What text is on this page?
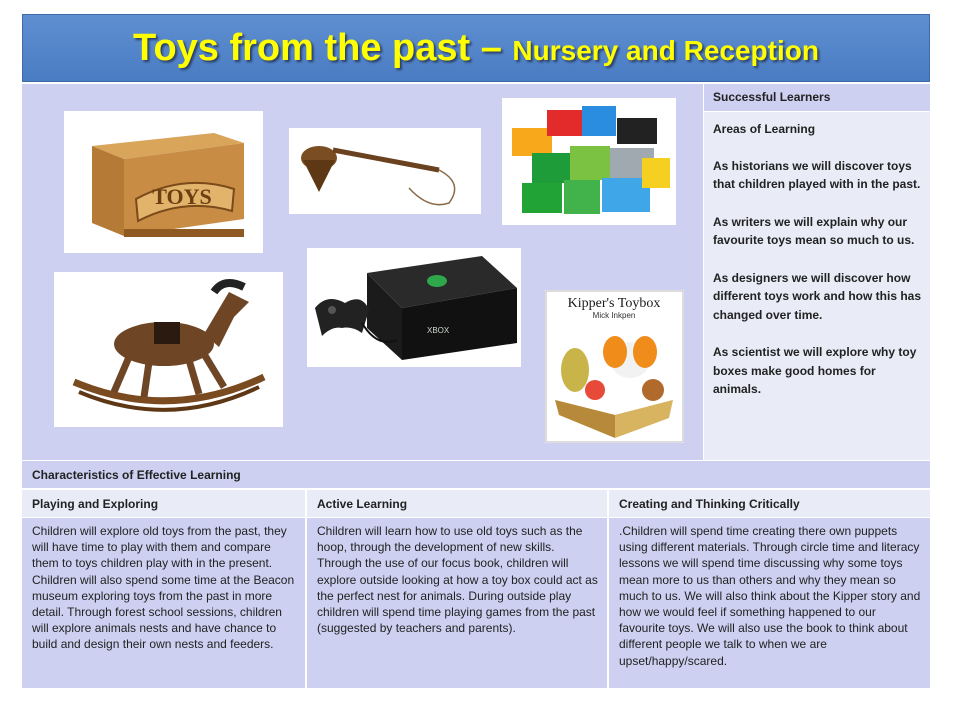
Toys from the past – Nursery and Reception
TOYS
XBOX
Kipper's Toybox
Mick Inkpen
Successful Learners

Areas of Learning

As historians we will discover toys that children played with in the past.

As writers we will explain why our favourite toys mean so much to us.

As designers we will discover how different toys work and how this has changed over time.

As scientist we will explore why toy boxes make good homes for animals.

Characteristics of Effective Learning
Playing and Exploring	Active Learning	Creating and Thinking Critically
Children will explore old toys from the past, they will have time to play with them and compare them to toys children play with in the present. Children will also spend some time at the Beacon museum exploring toys from the past in more detail. Through forest school sessions, children will explore animals nests and have chance to build and design their own nests and feeders.
Children will learn how to use old toys such as the hoop, through the development of new skills. Through the use of our focus book, children will explore outside looking at how a toy box could act as the perfect nest for animals. During outside play children will spend time playing games from the past (suggested by teachers and parents).
.Children will spend time creating there own puppets using different materials. Through circle time and literacy lessons we will spend time discussing why some toys mean more to us than others and why they mean so much to us. We will also think about the Kipper story and how we would feel if something happened to our favourite toys. We will also use the book to think about different people we talk to when we are upset/happy/scared.
